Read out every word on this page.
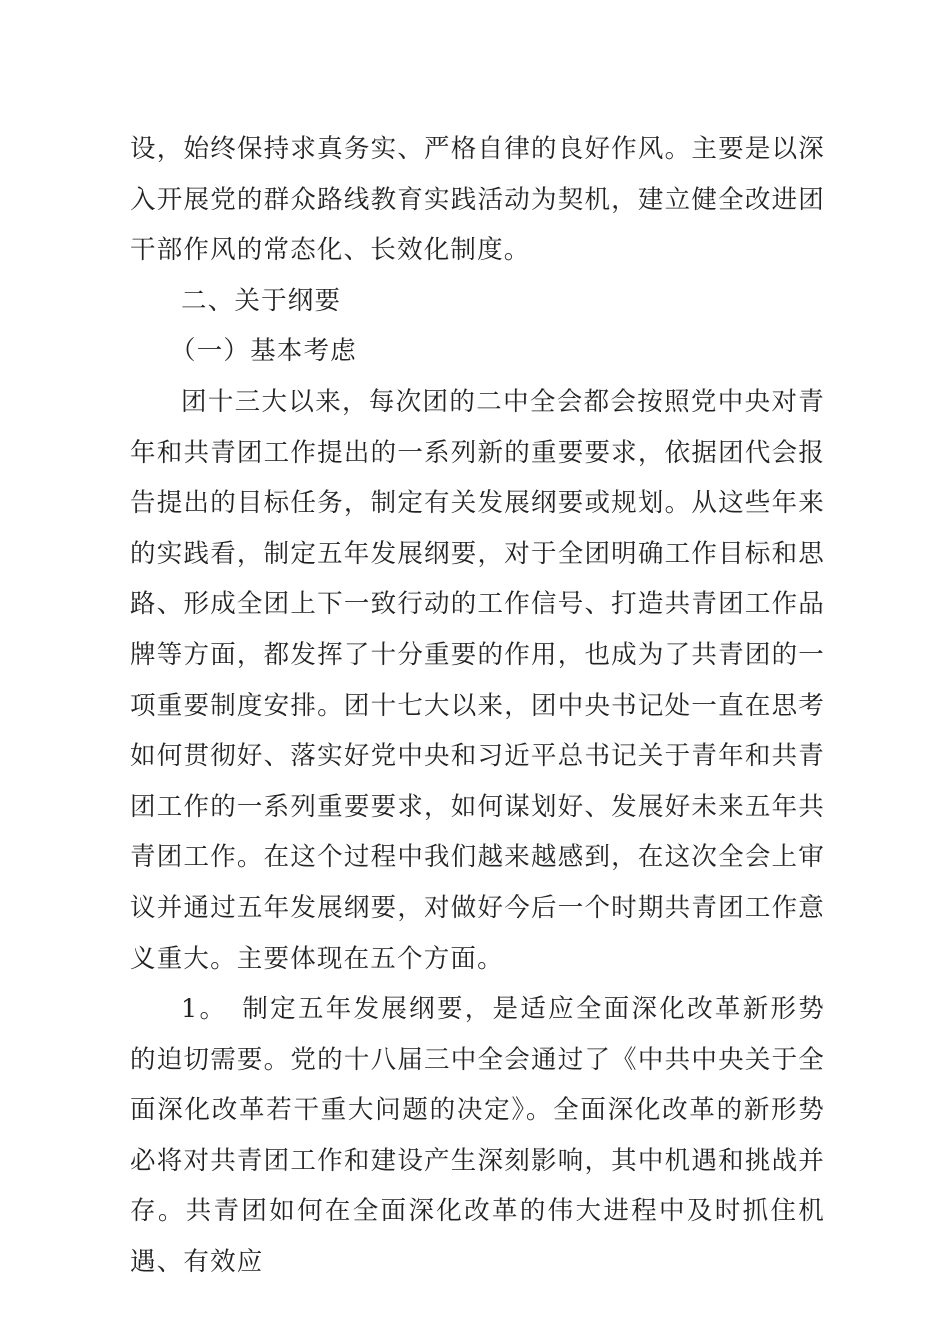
设，始终保持求真务实、严格自律的良好作风。主要是以深入开展党的群众路线教育实践活动为契机，建立健全改进团干部作风的常态化、长效化制度。

二、关于纲要

（一）基本考虑

团十三大以来，每次团的二中全会都会按照党中央对青年和共青团工作提出的一系列新的重要要求，依据团代会报告提出的目标任务，制定有关发展纲要或规划。从这些年来的实践看，制定五年发展纲要，对于全团明确工作目标和思路、形成全团上下一致行动的工作信号、打造共青团工作品牌等方面，都发挥了十分重要的作用，也成为了共青团的一项重要制度安排。团十七大以来，团中央书记处一直在思考如何贯彻好、落实好党中央和习近平总书记关于青年和共青团工作的一系列重要要求，如何谋划好、发展好未来五年共青团工作。在这个过程中我们越来越感到，在这次全会上审议并通过五年发展纲要，对做好今后一个时期共青团工作意义重大。主要体现在五个方面。

1。　制定五年发展纲要，是适应全面深化改革新形势的迫切需要。党的十八届三中全会通过了《中共中央关于全面深化改革若干重大问题的决定》。全面深化改革的新形势必将对共青团工作和建设产生深刻影响，其中机遇和挑战并存。共青团如何在全面深化改革的伟大进程中及时抓住机遇、有效应
